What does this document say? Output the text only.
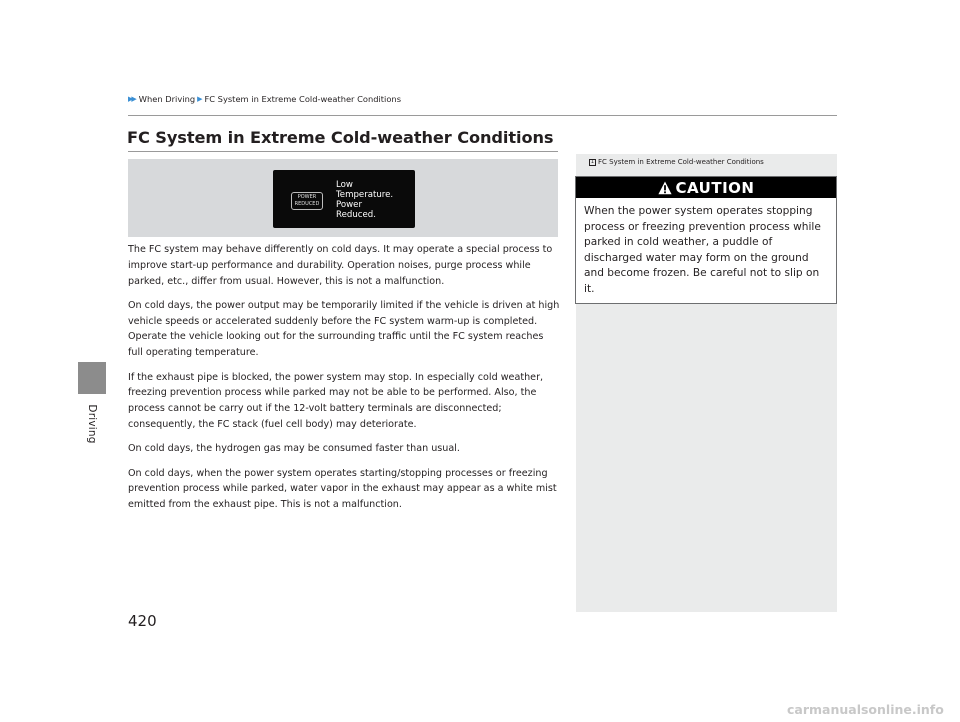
Driving
▶▶ When Driving ▶ FC System in Extreme Cold-weather Conditions
FC System in Extreme Cold-weather Conditions
POWER
REDUCED
Low
Temperature.
Power
Reduced.

The FC system may behave differently on cold days. It may operate a special process to improve start-up performance and durability. Operation noises, purge process while parked, etc., differ from usual. However, this is not a malfunction.

On cold days, the power output may be temporarily limited if the vehicle is driven at high vehicle speeds or accelerated suddenly before the FC system warm-up is completed. Operate the vehicle looking out for the surrounding traffic until the FC system reaches full operating temperature.

If the exhaust pipe is blocked, the power system may stop. In especially cold weather, freezing prevention process while parked may not be able to be performed. Also, the process cannot be carry out if the 12-volt battery terminals are disconnected; consequently, the FC stack (fuel cell body) may deteriorate.

On cold days, the hydrogen gas may be consumed faster than usual.

On cold days, when the power system operates starting/stopping processes or freezing prevention process while parked, water vapor in the exhaust may appear as a white mist emitted from the exhaust pipe. This is not a malfunction.

1 FC System in Extreme Cold-weather Conditions
CAUTION
When the power system operates stopping process or freezing prevention process while parked in cold weather, a puddle of discharged water may form on the ground and become frozen. Be careful not to slip on it.
420
carmanualsonline.info
